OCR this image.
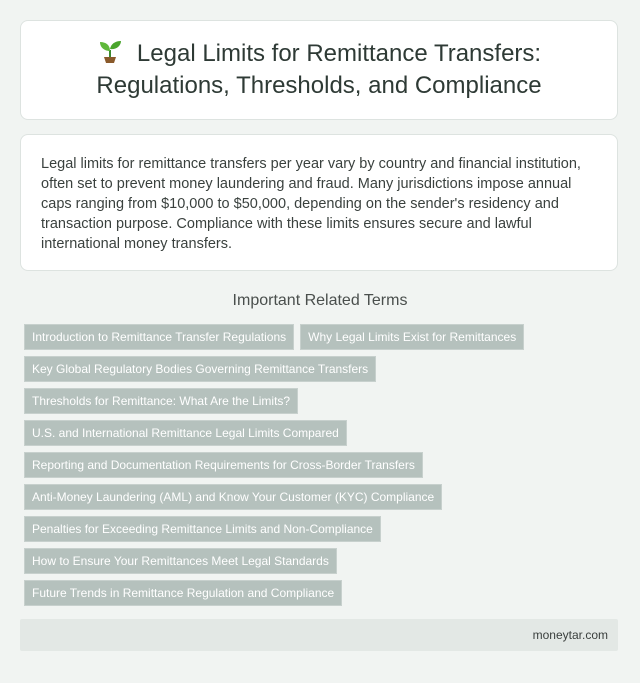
Legal Limits for Remittance Transfers: Regulations, Thresholds, and Compliance

Legal limits for remittance transfers per year vary by country and financial institution, often set to prevent money laundering and fraud. Many jurisdictions impose annual caps ranging from $10,000 to $50,000, depending on the sender's residency and transaction purpose. Compliance with these limits ensures secure and lawful international money transfers.

Important Related Terms
Introduction to Remittance Transfer Regulations	Why Legal Limits Exist for Remittances
Key Global Regulatory Bodies Governing Remittance Transfers
Thresholds for Remittance: What Are the Limits?
U.S. and International Remittance Legal Limits Compared
Reporting and Documentation Requirements for Cross-Border Transfers
Anti-Money Laundering (AML) and Know Your Customer (KYC) Compliance
Penalties for Exceeding Remittance Limits and Non-Compliance
How to Ensure Your Remittances Meet Legal Standards
Future Trends in Remittance Regulation and Compliance
moneytar.com
